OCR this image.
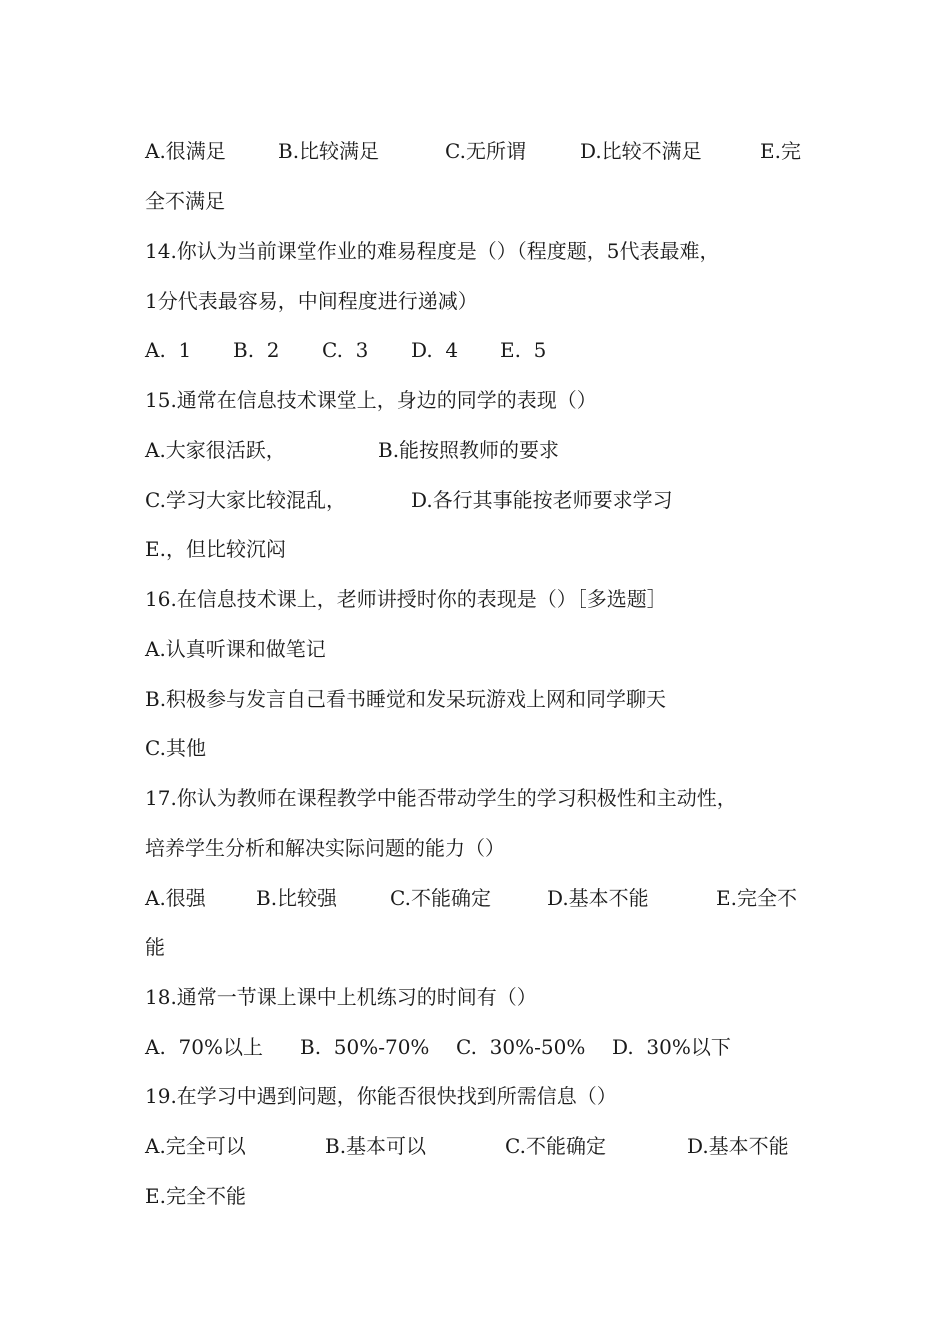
A.很满足

	B.比较满足

	C.无所谓

	D.比较不满足

	E.完

全不满足
14.你认为当前课堂作业的难易程度是（）（程度题，5代表最难，
1分代表最容易，中间程度进行递减）

A.  1

B.  2

C.  3

D.  4

E.  5

15.通常在信息技术课堂上，身边的同学的表现（）

A.大家很活跃，

	B.能按照教师的要求

C.学习大家比较混乱，

	D.各行其事能按老师要求学习

E.，但比较沉闷
16.在信息技术课上，老师讲授时你的表现是（）［多选题］
A.认真听课和做笔记
B.积极参与发言自己看书睡觉和发呆玩游戏上网和同学聊天
C.其他
17.你认为教师在课程教学中能否带动学生的学习积极性和主动性，
培养学生分析和解决实际问题的能力（）

A.很强

	B.比较强

	C.不能确定

	D.基本不能

	E.完全不

能
18.通常一节课上课中上机练习的时间有（）

A.  70%以上

B.  50%-70%

C.  30%-50%

D.  30%以下

19.在学习中遇到问题，你能否很快找到所需信息（）

A.完全可以

	B.基本可以

	C.不能确定

	D.基本不能

E.完全不能
